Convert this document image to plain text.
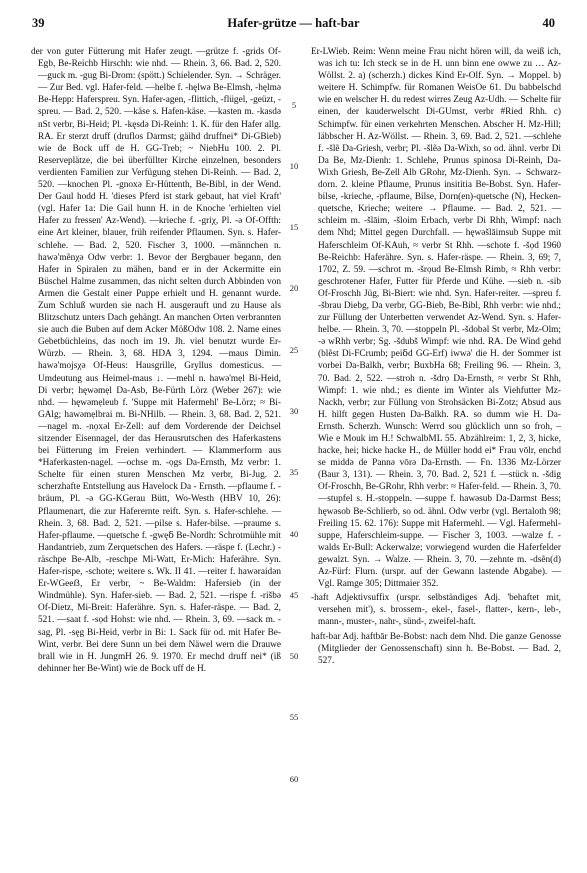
39	Hafer-grütze — haft-bar	40

der von guter Fütterung mit Hafer zeugt. —grütze f. -grids Of-Egb, Be-Reichb Hirschh: wie nhd. — Rhein. 3, 66. Bad. 2, 520. —guck m. -gug Bi-Drom: (spött.) Schielender. Syn. → Schräger. — Zur Bed. vgl. Hafer-feld. —helbe f. -hęlwə Be-Elmsh, -hęlmə Be-Hepp: Haferspreu. Syn. Hafer-agen, -flittich, -flügel, -geüzt, -spreu. — Bad. 2, 520. —käse s. Hafen-käse. —kasten m. -kasdə nSt verbr, Bi-Heid; Pl. -kęsdə Di-Reinh: 1. K. für den Hafer allg. RA. Er sterzt druff (druflos Darmst; gäihd druffnei* Di-GBieb) wie de Bock uff de H. GG-Treb; ~ NiebHu 100. 2. Pl. Reserveplätze, die bei überfüllter Kirche einzelnen, besonders verdienten Familien zur Verfügung stehen Di-Reinh. — Bad. 2, 520. —knochen Pl. -gnoxə Er-Hüttenth, Be-Bibl, in der Wend. Der Gaul hodd H. 'dieses Pferd ist stark gebaut, hat viel Kraft' (vgl. Hafer 1a: Die Gail hunn H. in de Knoche 'erhielten viel Hafer zu fressen' Az-Wend). —krieche f. -griχ, Pl. -ə Of-Offth: eine Art kleiner, blauer, früh reifender Pflaumen. Syn. s. Hafer-schlehe. — Bad. 2, 520. Fischer 3, 1000. —männchen n. hawə'mẽnχə Odw verbr: 1. Bevor der Bergbauer begann, den Hafer in Spiralen zu mähen, band er in der Ackermitte ein Büschel Halme zusammen, das nicht selten durch Abbinden von Armen die Gestalt einer Puppe erhielt und H. genannt wurde. Zum Schluß wurden sie nach H. ausgerauft und zu Hause als Blitzschutz unters Dach gehängt. An manchen Orten verbrannten sie auch die Buben auf dem Acker MößOdw 108. 2. Name eines Gebetbüchleins, das noch im 19. Jh. viel benutzt wurde Er-Würzb. — Rhein. 3, 68. HDA 3, 1294. —maus Dimin. hawə'mojsχə Of-Heus: Hausgrille, Gryllus domesticus. — Umdeutung aus Heimel-maus ↓. —mehl n. hawə'mẹl Bi-Heid, Di verbr; hęwəmẹl Da-Asb, Be-Fürth Lörz (Weber 267): wie nhd. — hęwəmẹleub f. 'Suppe mit Hafermehl' Be-Lörz; ≈ Bi-GAlg; hawəmẹlbrai m. Bi-NHilb. — Rhein. 3, 68. Bad. 2, 521. —nagel m. -nọxəl Er-Zell: auf dem Vorderende der Deichsel sitzender Eisennagel, der das Herausrutschen des Haferkastens bei Fütterung im Freien verhindert. — Klammerform aus *Haferkasten-nagel. —ochse m. -ọgs Da-Ernsth, Mz verbr: 1. Schelte für einen sturen Menschen Mz verbr, Bi-Jug. 2. scherzhafte Entstellung aus Havelock Da - Ernsth. —pflaume f. -bräum, Pl. -ə GG-KGerau Bütt, Wo-Westh (HBV 10, 26): Pflaumenart, die zur Haferernte reift. Syn. s. Hafer-schlehe. — Rhein. 3, 68. Bad. 2, 521. —pilse s. Hafer-bilse. —praume s. Hafer-pflaume. —quetsche f. -gwęẟ Be-Nordh: Schrotmühle mit Handantrieb, zum Zerquetschen des Hafers. —räspe f. (Lechr.) -räschpe Be-Alb, -reschpe Mi-Watt, Er-Mich: Haferähre. Syn. Hafer-rispe, -schote; weitere s. Wk. II 41. —reiter f. hawəraidən Er-WGeeẞ, Er verbr, ~ Be-Waldm: Hafersieb (in der Windmühle). Syn. Hafer-sieb. — Bad. 2, 521. —rispe f. -rišbə Of-Dietz, Mi-Breit: Haferähre. Syn. s. Hafer-räspe. — Bad. 2, 521. —saat f. -sọd Hohst: wie nhd. — Rhein. 3, 69. —sack m. -sag, Pl. -sęg Bi-Heid, verbr in Bi: 1. Sack für od. mit Hafer Be-Wint, verbr. Bei dere Sunn un bei dem Näwel wern die Drauwe brall wie in H. JungmH 26. 9. 1970. Er mechd druff nei* (iß dehinner her Be-Wint) wie de Bock uff de H.

Er-LWieb. Reim: Wenn meine Frau nicht hören will, da weiß ich, was ich tu: Ich steck se in de H. unn binn ene owwe zu … Az-Wöllst. 2. a) (scherzh.) dickes Kind Er-Olf. Syn. → Moppel. b) weitere H. Schimpfw. für Romanen WeisOe 61. Du babbelschd wie en welscher H. du redest wirres Zeug Az-Udh. — Schelte für einen, der kauderwelscht Di-GUmst, verbr #Ried Rhh. c) Schimpfw. für einen verkehrten Menschen. Abscher H. Mz-Hill; läbbscher H. Az-Wöllst. — Rhein. 3, 69. Bad. 2, 521. —schlehe f. -šlẽ Da-Griesh, verbr; Pl. -šlẽə Da-Wixh, so od. ähnl. verbr Di Da Be, Mz-Dienh: 1. Schlehe, Prunus spinosa Di-Reinh, Da-Wixh Griesh, Be-Zell Alb GRohr, Mz-Dienh. Syn. → Schwarz-dorn. 2. kleine Pflaume, Prunus insititia Be-Bobst. Syn. Hafer-bilse, -krieche, -pflaume, Bilse, Dorn(en)-quetsche (N), Hecken-quetsche, Krieche; weitere → Pflaume. — Bad. 2, 521. —schleim m. -šlāim, -šloim Erbach, verbr Di Rhh, Wimpf: nach dem Nhd; Mittel gegen Durchfall. — hęwəšlāimsub Suppe mit Haferschleim Of-KAuh, ≈ verbr St Rhh. —schote f. -šọd 1960 Be-Reichb: Haferähre. Syn. s. Hafer-räspe. — Rhein. 3, 69; 7, 1702, Z. 59. —schrot m. -šrọud Be-Elmsh Rimb, ≈ Rhh verbr: geschrotener Hafer, Futter für Pferde und Kühe. —sieb n. -sib Of-Froschh Jüg, Bi-Biert: wie nhd. Syn. Hafer-reiter. —spreu f. -šbrau Diebg, Da verbr, GG-Bieb, Be-Bibl, Rhh verbr: wie nhd.; zur Füllung der Unterbetten verwendet Az-Wend. Syn. s. Hafer-helbe. — Rhein. 3, 70. —stoppeln Pl. -šdobəl St verbr, Mz-Olm; -ə wRhh verbr; Sg. -šdubš Wimpf: wie nhd. RA. De Wind gehd (blẽst Di-FCrumb; peiẟd GG-Erf) iwwə' die H. der Sommer ist vorbei Da-Balkh, verbr; BuxbHa 68; Freiling 96. — Rhein. 3, 70. Bad. 2, 522. —stroh n. -šdrọ Da-Ernsth, ≈ verbr St Rhh, Wimpf: 1. wie nhd.; es diente im Winter als Viehfutter Mz-Nackh, verbr; zur Füllung von Strohsäcken Bi-Zotz; Absud aus H. hilft gegen Husten Da-Balkh. RA. so dumm wie H. Da-Ernsth. Scherzh. Wunsch: Werrd sou glücklich unn so froh, – Wie e Mouk im H.! SchwalbML 55. Abzählreim: 1, 2, 3, hicke, hacke, hei; hicke hacke H., de Müller hodd ei* Frau vōlr, enchd se middə de Pannə vōrə Da-Ernsth. — Fn. 1336 Mz-Lörzer (Baur 3, 131). — Rhein. 3, 70. Bad. 2, 521 f. —stück n. -šdig Of-Froschh, Be-GRohr, Rhh verbr: ≈ Hafer-feld. — Rhein. 3, 70. —stupfel s. H.-stoppeln. —suppe f. hawəsub Da-Darmst Bess; hęwəsob Be-Schlierb, so od. ähnl. Odw verbr (vgl. Bertaloth 98; Freiling 15. 62. 176): Suppe mit Hafermehl. — Vgl. Hafermehl-suppe, Haferschleim-suppe. — Fischer 3, 1003. —walze f. -walds Er-Bull: Ackerwalze; vorwiegend wurden die Haferfelder gewalzt. Syn. → Walze. — Rhein. 3, 70. —zehnte m. -dsẽn(d) Az-Fürf: Flurn. (urspr. auf der Gewann lastende Abgabe). — Vgl. Ramge 305; Dittmaier 352.

-haft Adjektivsuffix (urspr. selbständiges Adj. 'behaftet mit, versehen mit'), s. brossem-, ekel-, fasel-, flatter-, kern-, leb-, mann-, muster-, nahr-, sünd-, zweifel-haft.

haft-bar Adj. haftbār Be-Bobst: nach dem Nhd. Die ganze Genosse (Mitglieder der Genossenschaft) sinn h. Be-Bobst. — Bad. 2, 527.

5
10
15
20
25
30
35
40
45
50
55
60
